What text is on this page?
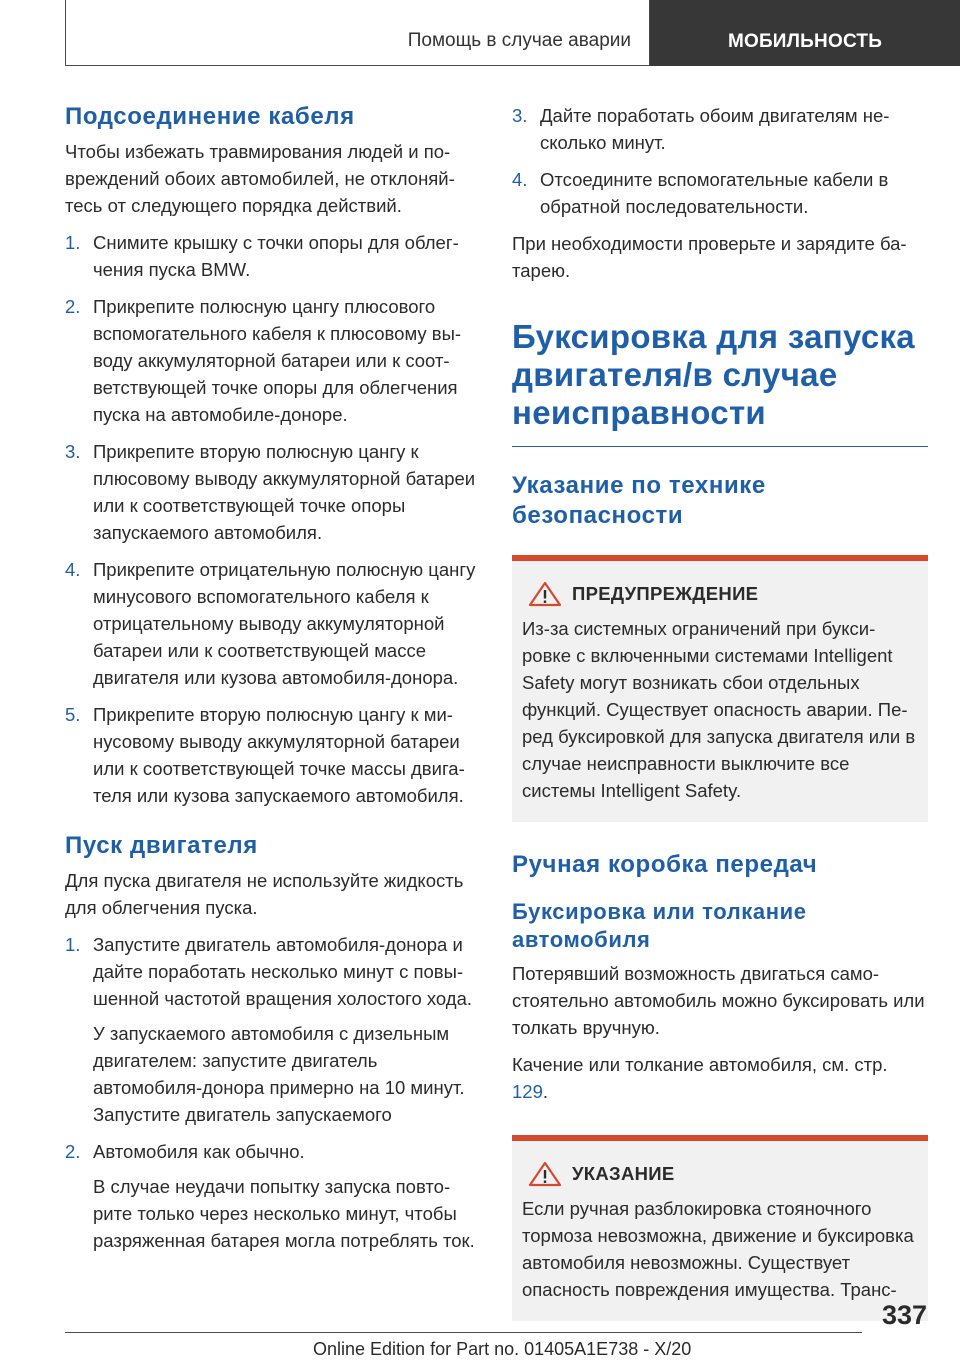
Помощь в случае аварии	МОБИЛЬНОСТЬ
Подсоединение кабеля

Чтобы избежать травмирования людей и повреждений обоих автомобилей, не отклоняйтесь от следующего порядка действий.

1. Снимите крышку с точки опоры для облегчения пуска BMW.
2. Прикрепите полюсную цангу плюсового вспомогательного кабеля к плюсовому выводу аккумуляторной батареи или к соответствующей точке опоры для облегчения пуска на автомобиле-доноре.
3. Прикрепите вторую полюсную цангу к плюсовому выводу аккумуляторной батареи или к соответствующей точке опоры запускаемого автомобиля.
4. Прикрепите отрицательную полюсную цангу минусового вспомогательного кабеля к отрицательному выводу аккумуляторной батареи или к соответствующей массе двигателя или кузова автомобиля-донора.
5. Прикрепите вторую полюсную цангу к минусовому выводу аккумуляторной батареи или к соответствующей точке массы двигателя или кузова запускаемого автомобиля.
Пуск двигателя

Для пуска двигателя не используйте жидкость для облегчения пуска.

1. Запустите двигатель автомобиля-донора и дайте поработать несколько минут с повышенной частотой вращения холостого хода.
У запускаемого автомобиля с дизельным двигателем: запустите двигатель автомобиля-донора примерно на 10 минут. Запустите двигатель запускаемого
2. Автомобиля как обычно.
В случае неудачи попытку запуска повторите только через несколько минут, чтобы разряженная батарея могла потреблять ток.
3. Дайте поработать обоим двигателям несколько минут.
4. Отсоедините вспомогательные кабели в обратной последовательности.

При необходимости проверьте и зарядите батарею.

Буксировка для запуска двигателя/в случае неисправности
Указание по технике безопасности
ПРЕДУПРЕЖДЕНИЕ

Из-за системных ограничений при буксировке с включенными системами Intelligent Safety могут возникать сбои отдельных функций. Существует опасность аварии. Перед буксировкой для запуска двигателя или в случае неисправности выключите все системы Intelligent Safety.

Ручная коробка передач
Буксировка или толкание автомобиля

Потерявший возможность двигаться самостоятельно автомобиль можно буксировать или толкать вручную.

Качение или толкание автомобиля, см. стр. 129.

УКАЗАНИЕ

Если ручная разблокировка стояночного тормоза невозможна, движение и буксировка автомобиля невозможны. Существует опасность повреждения имущества. Транс-

337
Online Edition for Part no. 01405A1E738 - X/20
